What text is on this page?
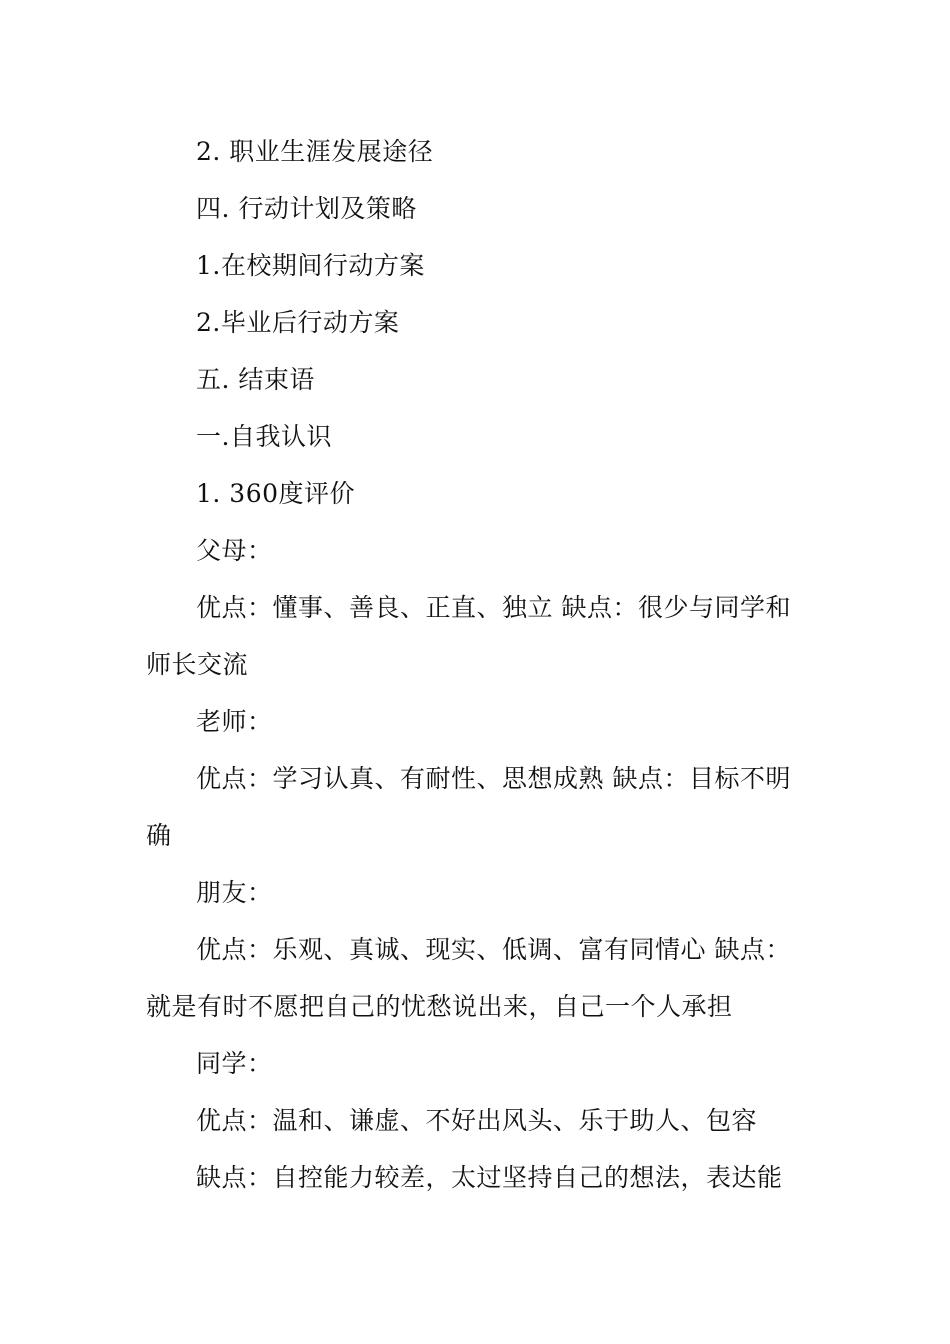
2. 职业生涯发展途径
四. 行动计划及策略
1.在校期间行动方案
2.毕业后行动方案
五. 结束语
一.自我认识
1. 360度评价
父母：
优点：懂事、善良、正直、独立 缺点：很少与同学和
师长交流
老师：
优点：学习认真、有耐性、思想成熟 缺点：目标不明
确
朋友：
优点：乐观、真诚、现实、低调、富有同情心 缺点：
就是有时不愿把自己的忧愁说出来，自己一个人承担
同学：
优点：温和、谦虚、不好出风头、乐于助人、包容
缺点：自控能力较差，太过坚持自己的想法，表达能
